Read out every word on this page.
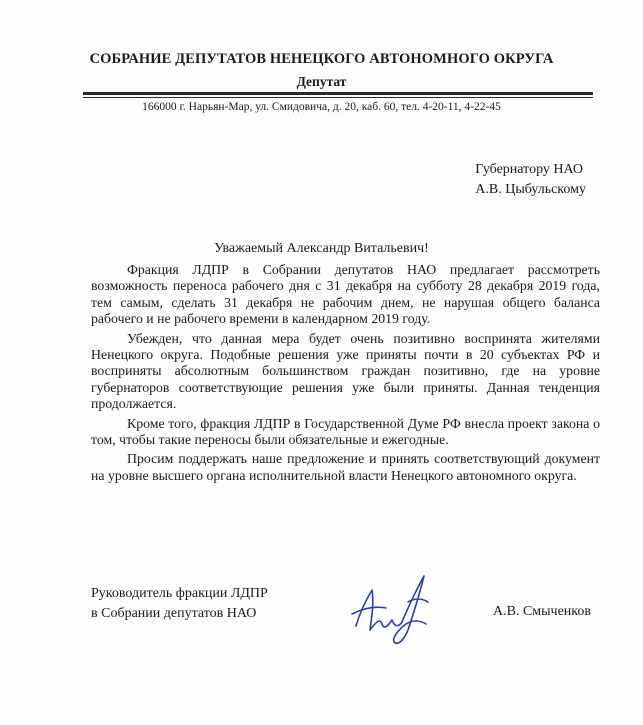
СОБРАНИЕ ДЕПУТАТОВ НЕНЕЦКОГО АВТОНОМНОГО ОКРУГА
Депутат
166000 г. Нарьян-Мар, ул. Смидовича, д. 20, каб. 60, тел. 4-20-11, 4-22-45
Губернатору НАО
А.В. Цыбульскому
Уважаемый Александр Витальевич!

Фракция ЛДПР в Собрании депутатов НАО предлагает рассмотреть возможность переноса рабочего дня с 31 декабря на субботу 28 декабря 2019 года, тем самым, сделать 31 декабря не рабочим днем, не нарушая общего баланса рабочего и не рабочего времени в календарном 2019 году.

Убежден, что данная мера будет очень позитивно воспринята жителями Ненецкого округа. Подобные решения уже приняты почти в 20 субъектах РФ и восприняты абсолютным большинством граждан позитивно, где на уровне губернаторов соответствующие решения уже были приняты. Данная тенденция продолжается.

Кроме того, фракция ЛДПР в Государственной Думе РФ внесла проект закона о том, чтобы такие переносы были обязательные и ежегодные.

Просим поддержать наше предложение и принять соответствующий документ на уровне высшего органа исполнительной власти Ненецкого автономного округа.

Руководитель фракции ЛДПР
в Собрании депутатов НАО	А.В. Смыченков
